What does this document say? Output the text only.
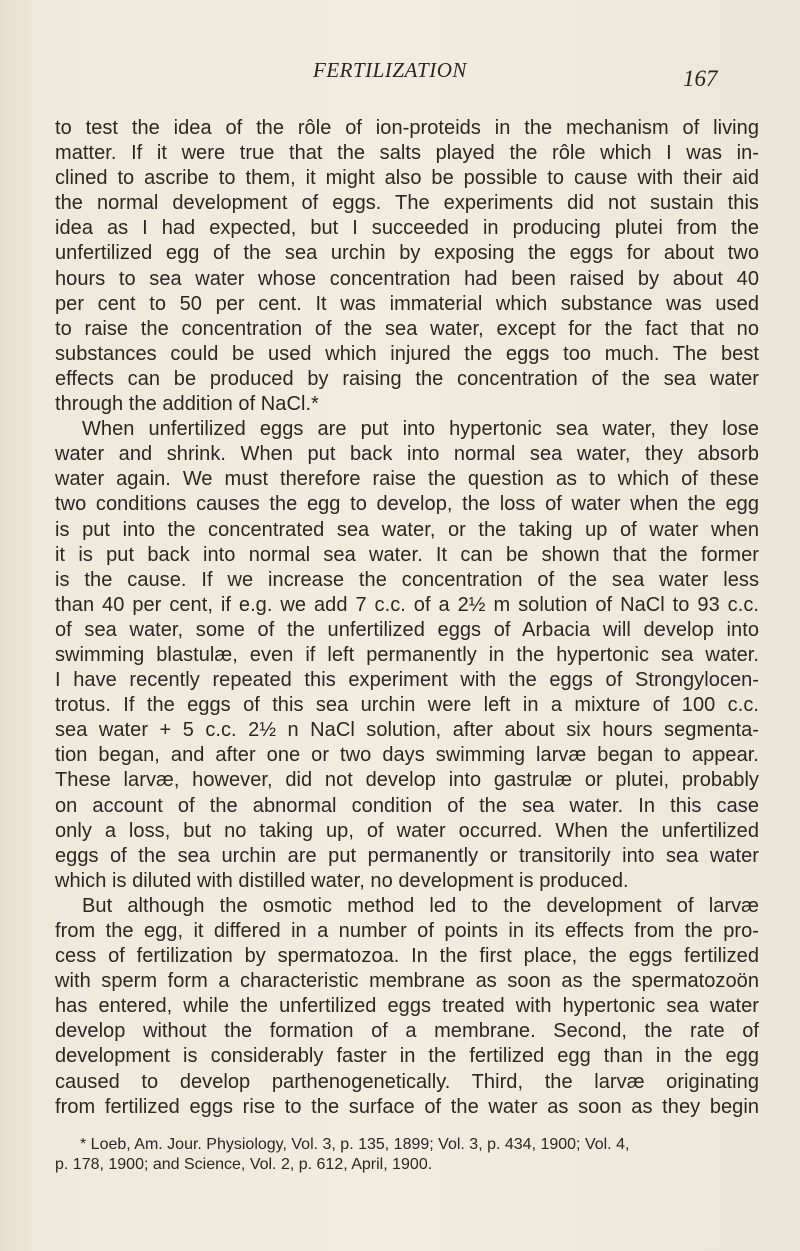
FERTILIZATION	167
to test the idea of the rôle of ion-proteids in the mechanism of living
matter. If it were true that the salts played the rôle which I was in-
clined to ascribe to them, it might also be possible to cause with their aid
the normal development of eggs. The experiments did not sustain this
idea as I had expected, but I succeeded in producing plutei from the
unfertilized egg of the sea urchin by exposing the eggs for about two
hours to sea water whose concentration had been raised by about 40
per cent to 50 per cent. It was immaterial which substance was used
to raise the concentration of the sea water, except for the fact that no
substances could be used which injured the eggs too much. The best
effects can be produced by raising the concentration of the sea water
through the addition of NaCl.*
When unfertilized eggs are put into hypertonic sea water, they lose
water and shrink. When put back into normal sea water, they absorb
water again. We must therefore raise the question as to which of these
two conditions causes the egg to develop, the loss of water when the egg
is put into the concentrated sea water, or the taking up of water when
it is put back into normal sea water. It can be shown that the former
is the cause. If we increase the concentration of the sea water less
than 40 per cent, if e.g. we add 7 c.c. of a 2½ m solution of NaCl to 93 c.c.
of sea water, some of the unfertilized eggs of Arbacia will develop into
swimming blastulæ, even if left permanently in the hypertonic sea water.
I have recently repeated this experiment with the eggs of Strongylocen-
trotus. If the eggs of this sea urchin were left in a mixture of 100 c.c.
sea water + 5 c.c. 2½ n NaCl solution, after about six hours segmenta-
tion began, and after one or two days swimming larvæ began to appear.
These larvæ, however, did not develop into gastrulæ or plutei, probably
on account of the abnormal condition of the sea water. In this case
only a loss, but no taking up, of water occurred. When the unfertilized
eggs of the sea urchin are put permanently or transitorily into sea water
which is diluted with distilled water, no development is produced.
But although the osmotic method led to the development of larvæ
from the egg, it differed in a number of points in its effects from the pro-
cess of fertilization by spermatozoa. In the first place, the eggs fertilized
with sperm form a characteristic membrane as soon as the spermatozoön
has entered, while the unfertilized eggs treated with hypertonic sea water
develop without the formation of a membrane. Second, the rate of
development is considerably faster in the fertilized egg than in the egg
caused to develop parthenogenetically. Third, the larvæ originating
from fertilized eggs rise to the surface of the water as soon as they begin
* Loeb, Am. Jour. Physiology, Vol. 3, p. 135, 1899; Vol. 3, p. 434, 1900; Vol. 4,
p. 178, 1900; and Science, Vol. 2, p. 612, April, 1900.
